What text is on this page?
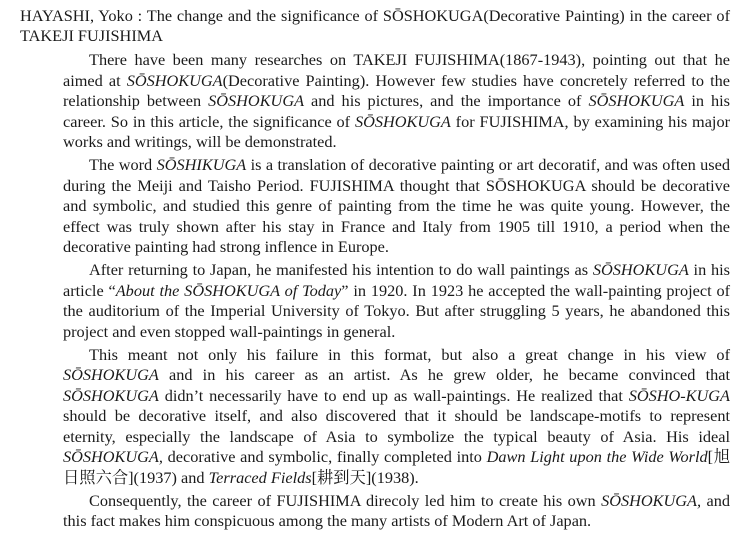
HAYASHI, Yoko : The change and the significance of SŌSHOKUGA(Decorative Painting) in the career of TAKEJI FUJISHIMA

There have been many researches on TAKEJI FUJISHIMA(1867-1943), pointing out that he aimed at SŌSHOKUGA(Decorative Painting). However few studies have concretely referred to the relationship between SŌSHOKUGA and his pictures, and the importance of SŌSHOKUGA in his career. So in this article, the significance of SŌSHOKUGA for FUJISHIMA, by examining his major works and writings, will be demonstrated.

The word SŌSHIKUGA is a translation of decorative painting or art decoratif, and was often used during the Meiji and Taisho Period. FUJISHIMA thought that SŌSHOKUGA should be decorative and symbolic, and studied this genre of painting from the time he was quite young. However, the effect was truly shown after his stay in France and Italy from 1905 till 1910, a period when the decorative painting had strong inflence in Europe.

After returning to Japan, he manifested his intention to do wall paintings as SŌSHOKUGA in his article “About the SŌSHOKUGA of Today” in 1920. In 1923 he accepted the wall-painting project of the auditorium of the Imperial University of Tokyo. But after struggling 5 years, he abandoned this project and even stopped wall-paintings in general.

This meant not only his failure in this format, but also a great change in his view of SŌSHOKUGA and in his career as an artist. As he grew older, he became convinced that SŌSHOKUGA didn’t necessarily have to end up as wall-paintings. He realized that SŌSHO-KUGA should be decorative itself, and also discovered that it should be landscape-motifs to represent eternity, especially the landscape of Asia to symbolize the typical beauty of Asia. His ideal SŌSHOKUGA, decorative and symbolic, finally completed into Dawn Light upon the Wide World[旭日照六合](1937) and Terraced Fields[耕到天](1938).

Consequently, the career of FUJISHIMA direcoly led him to create his own SŌSHOKUGA, and this fact makes him conspicuous among the many artists of Modern Art of Japan.
